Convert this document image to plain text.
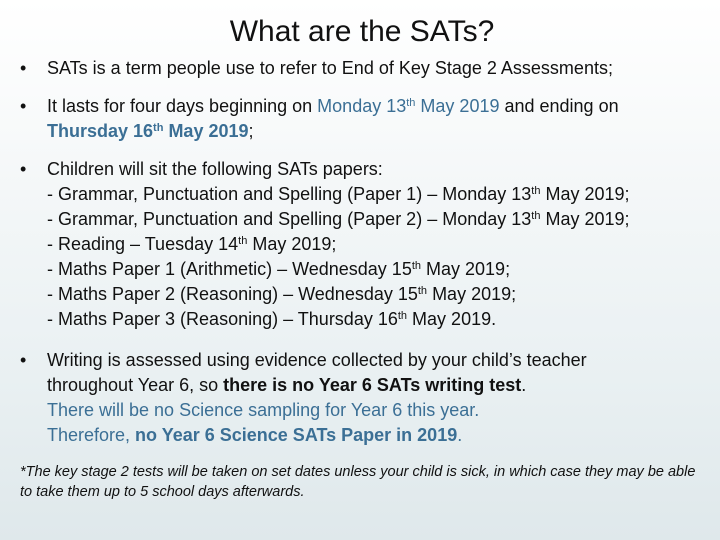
What are the SATs?
•	SATs is a term people use to refer to End of Key Stage 2 Assessments;
•	It lasts for four days beginning on Monday 13th May 2019 and ending on
Thursday 16th May 2019;
•	Children will sit the following SATs papers:
- Grammar, Punctuation and Spelling (Paper 1) – Monday 13th May 2019;
- Grammar, Punctuation and Spelling (Paper 2) – Monday 13th May 2019;
- Reading – Tuesday 14th May 2019;
- Maths Paper 1 (Arithmetic) – Wednesday 15th May 2019;
- Maths Paper 2 (Reasoning) – Wednesday 15th May 2019;
- Maths Paper 3 (Reasoning) – Thursday 16th May 2019.
•	Writing is assessed using evidence collected by your child’s teacher
throughout Year 6, so there is no Year 6 SATs writing test.
There will be no Science sampling for Year 6 this year.
Therefore, no Year 6 Science SATs Paper in 2019.
*The key stage 2 tests will be taken on set dates unless your child is sick, in which case they may be able to take them up to 5 school days afterwards.
